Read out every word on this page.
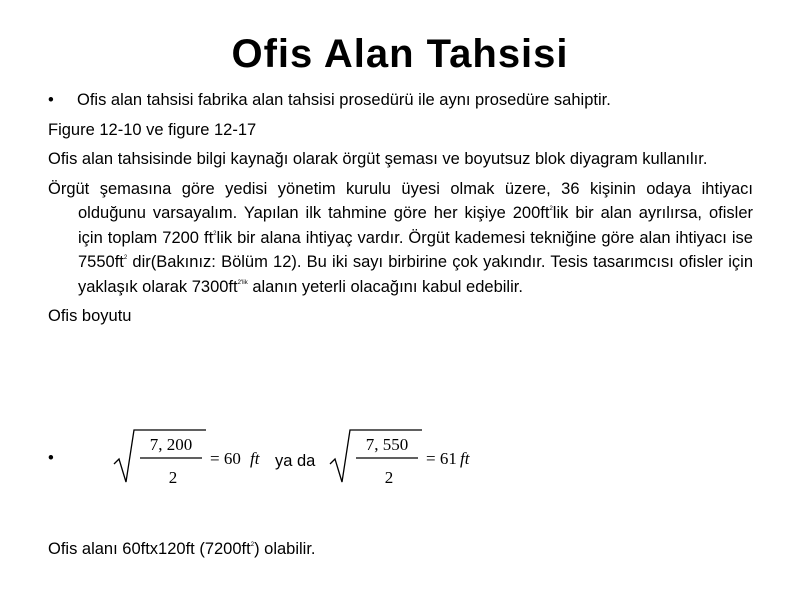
Ofis Alan Tahsisi
• Ofis alan tahsisi fabrika alan tahsisi prosedürü ile aynı prosedüre sahiptir.
Figure 12-10 ve figure 12-17
Ofis alan tahsisinde bilgi kaynağı olarak örgüt şeması ve boyutsuz blok diyagram kullanılır.
Örgüt şemasına göre yedisi yönetim kurulu üyesi olmak üzere, 36 kişinin odaya ihtiyacı olduğunu varsayalım. Yapılan ilk tahmine göre her kişiye $200ft^2lik$ bir alan ayrılırsa, ofisler için toplam 7200 $ft^2lik$ bir alana ihtiyaç vardır. Örgüt kademesi tekniğine göre alan ihtiyacı ise $7550ft^2$ dir(Bakınız: Bölüm 12). Bu iki sayı birbirine çok yakındır. Tesis tasarımcısı ofisler için yaklaşık olarak $7300ft^{2'lik}$ alanın yeterli olacağını kabul edebilir.
Ofis boyutu
•
7, 200
2
= 60 ft ya da
7, 550
2
= 61 ft
Ofis alanı 60ftx120ft $(7200ft^2)$ olabilir.
